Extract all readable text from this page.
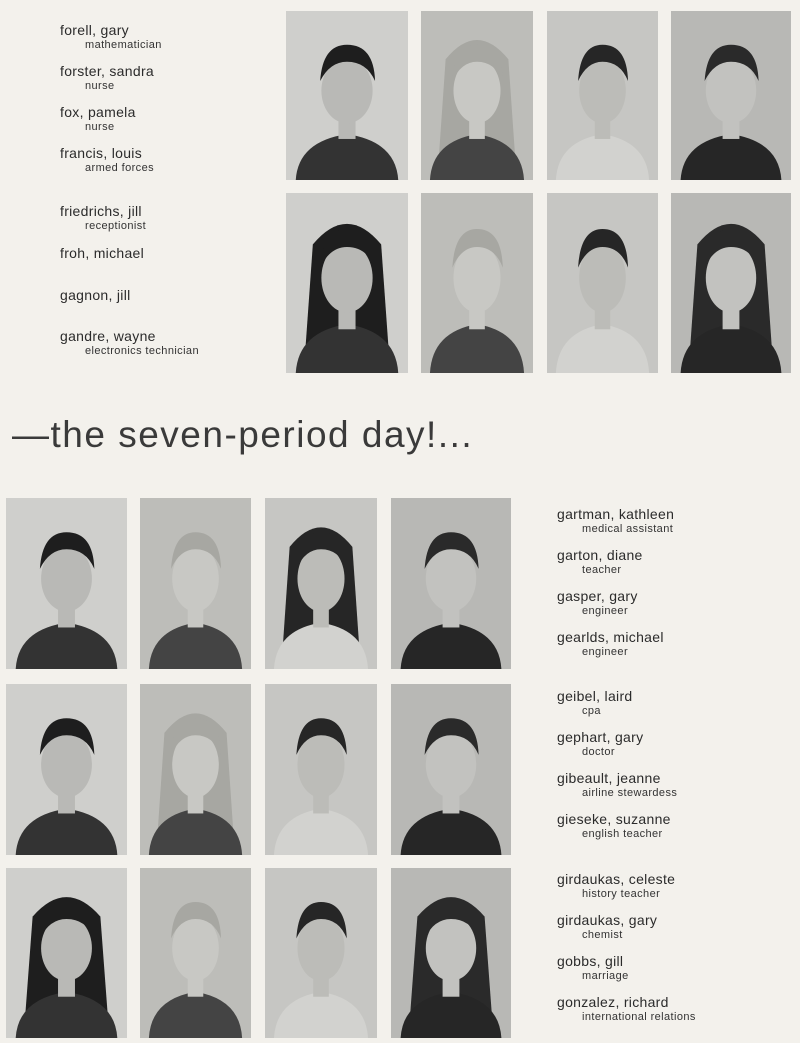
forell, gary
mathematician
forster, sandra
nurse
fox, pamela
nurse
francis, louis
armed forces
friedrichs, jill
receptionist
froh, michael
gagnon, jill
gandre, wayne
electronics technician
—the seven-period day!...
gartman, kathleen
medical assistant
garton, diane
teacher
gasper, gary
engineer
gearlds, michael
engineer
geibel, laird
cpa
gephart, gary
doctor
gibeault, jeanne
airline stewardess
gieseke, suzanne
english teacher
girdaukas, celeste
history teacher
girdaukas, gary
chemist
gobbs, gill
marriage
gonzalez, richard
international relations
